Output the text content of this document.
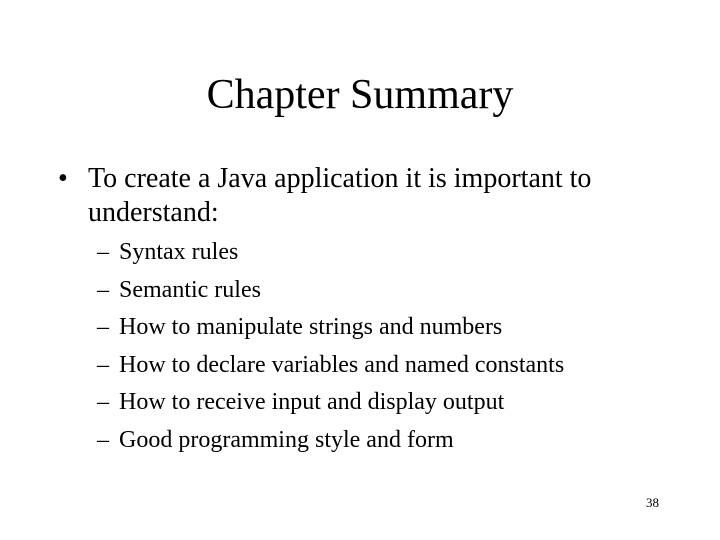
Chapter Summary
• To create a Java application it is important to understand:
– Syntax rules
– Semantic rules
– How to manipulate strings and numbers
– How to declare variables and named constants
– How to receive input and display output
– Good programming style and form
38
